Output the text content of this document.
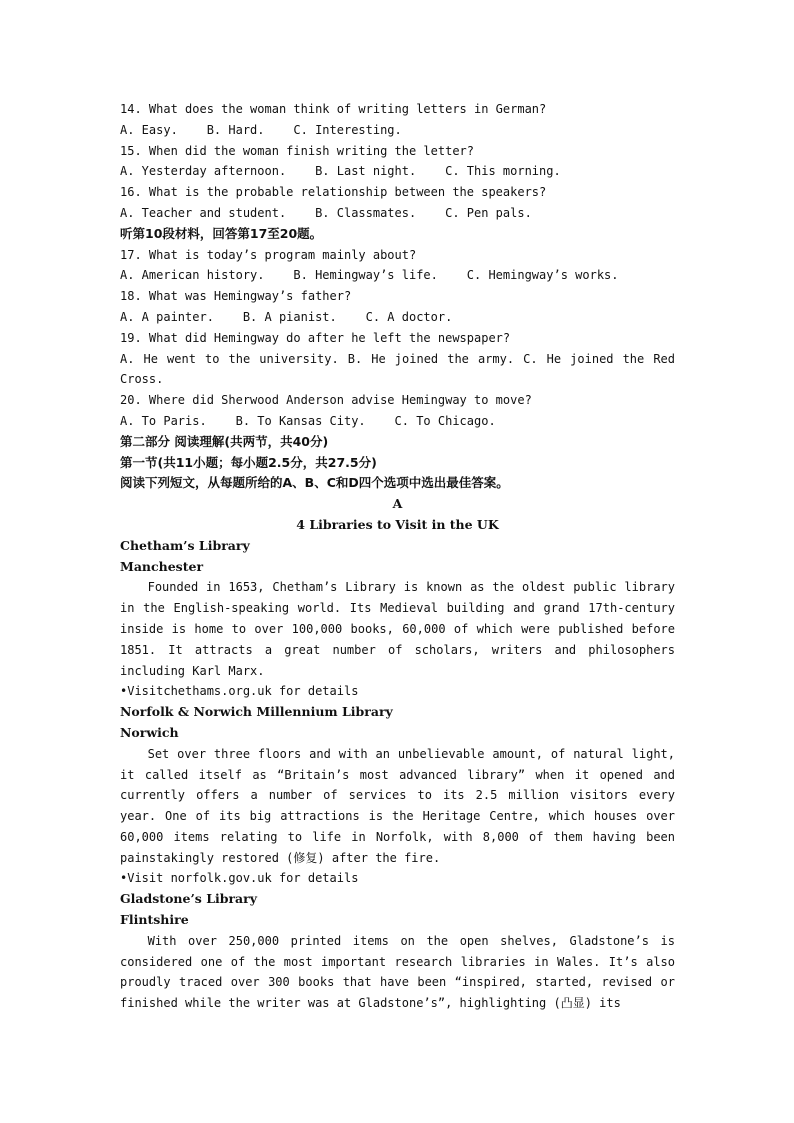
14. What does the woman think of writing letters in German?
A. Easy.    B. Hard.    C. Interesting.
15. When did the woman finish writing the letter?
A. Yesterday afternoon.    B. Last night.    C. This morning.
16. What is the probable relationship between the speakers?
A. Teacher and student.    B. Classmates.    C. Pen pals.
听第10段材料，回答第17至20题。
17. What is today’s program mainly about?
A. American history.    B. Hemingway’s life.    C. Hemingway’s works.
18. What was Hemingway’s father?
A. A painter.    B. A pianist.    C. A doctor.
19. What did Hemingway do after he left the newspaper?
A. He went to the university. B. He joined the army. C. He joined the Red Cross.
20. Where did Sherwood Anderson advise Hemingway to move?
A. To Paris.    B. To Kansas City.    C. To Chicago.
第二部分 阅读理解(共两节，共40分)
第一节(共11小题；每小题2.5分，共27.5分)
阅读下列短文，从每题所给的A、B、C和D四个选项中选出最佳答案。
A
4 Libraries to Visit in the UK
Chetham’s Library
Manchester
Founded in 1653, Chetham’s Library is known as the oldest public library in the English-speaking world. Its Medieval building and grand 17th-century inside is home to over 100,000 books, 60,000 of which were published before 1851. It attracts a great number of scholars, writers and philosophers including Karl Marx.
•Visitchethams.org.uk for details
Norfolk & Norwich Millennium Library
Norwich
Set over three floors and with an unbelievable amount, of natural light, it called itself as “Britain’s most advanced library” when it opened and currently offers a number of services to its 2.5 million visitors every year. One of its big attractions is the Heritage Centre, which houses over 60,000 items relating to life in Norfolk, with 8,000 of them having been painstakingly restored (修复) after the fire.
•Visit norfolk.gov.uk for details
Gladstone’s Library
Flintshire
With over 250,000 printed items on the open shelves, Gladstone’s is considered one of the most important research libraries in Wales. It’s also proudly traced over 300 books that have been “inspired, started, revised or finished while the writer was at Gladstone’s”, highlighting (凸显) its
